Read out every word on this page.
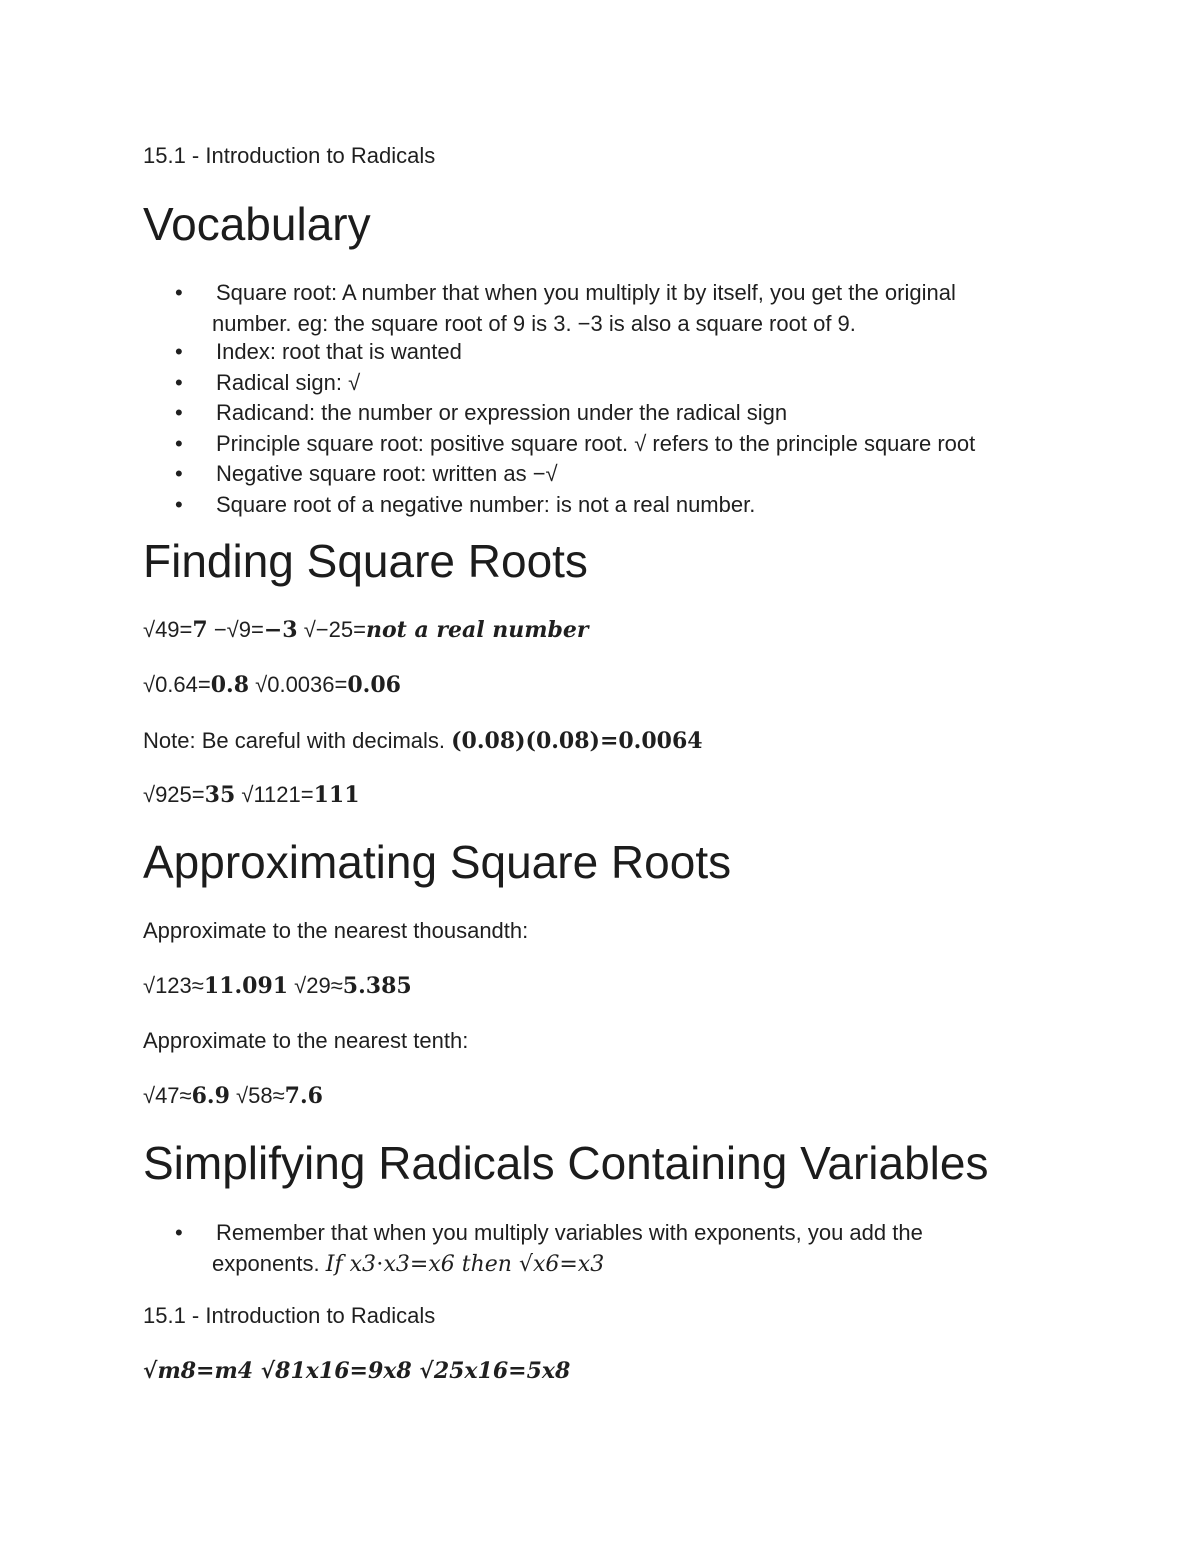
15.1 - Introduction to Radicals
Vocabulary
• Square root: A number that when you multiply it by itself, you get the original
number. eg: the square root of 9 is 3. −3 is also a square root of 9.
• Index: root that is wanted
• Radical sign: √
• Radicand: the number or expression under the radical sign
• Principle square root: positive square root. √ refers to the principle square root
• Negative square root: written as −√
• Square root of a negative number: is not a real number.
Finding Square Roots
√49=7 −√9=−3 √−25=not a real number
√0.64=0.8 √0.0036=0.06
Note: Be careful with decimals. (0.08)(0.08)=0.0064
√925=35 √1121=111
Approximating Square Roots
Approximate to the nearest thousandth:
√123≈11.091 √29≈5.385
Approximate to the nearest tenth:
√47≈6.9 √58≈7.6
Simplifying Radicals Containing Variables
• Remember that when you multiply variables with exponents, you add the
exponents. If x3⋅x3=x6 then √x6=x3
15.1 - Introduction to Radicals
√m8=m4 √81x16=9x8 √25x16=5x8
